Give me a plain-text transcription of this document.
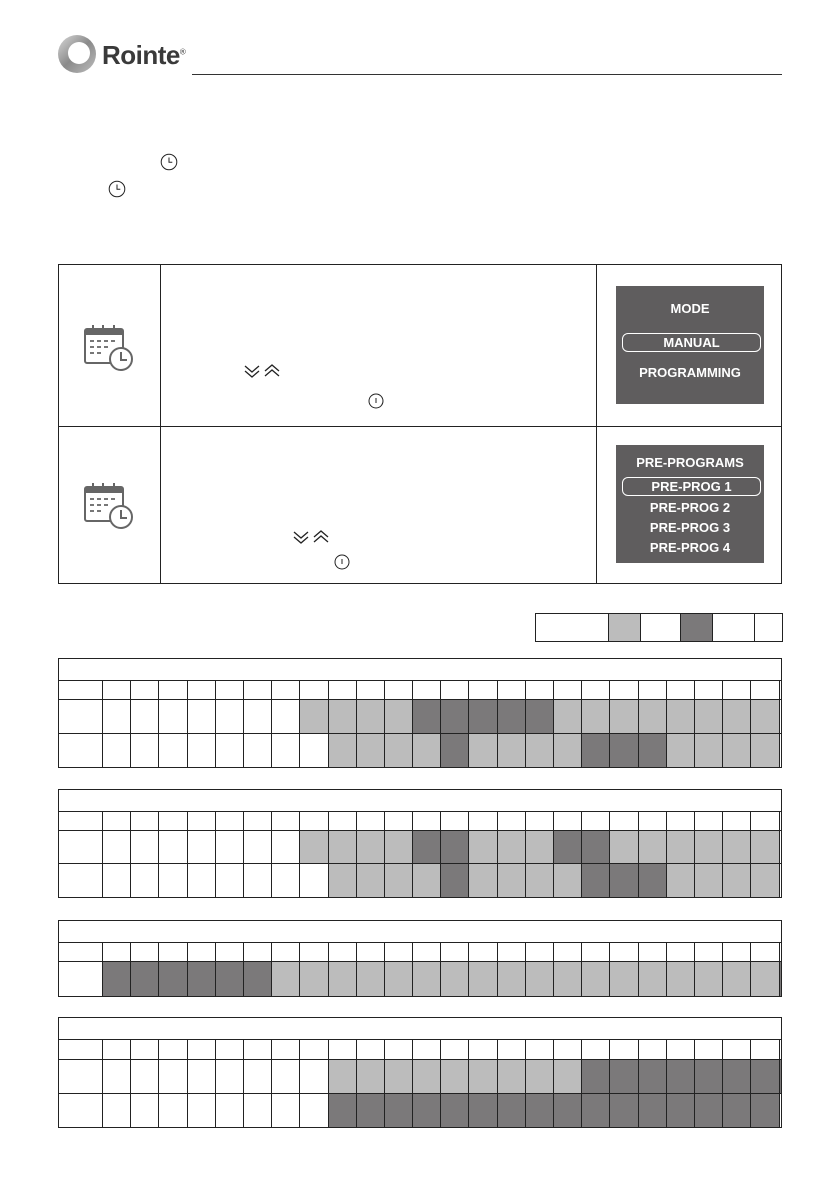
Rointe®
MODE
MANUAL
PROGRAMMING
PRE-PROGRAMS
PRE-PROG 1
PRE-PROG 2
PRE-PROG 3
PRE-PROG 4
